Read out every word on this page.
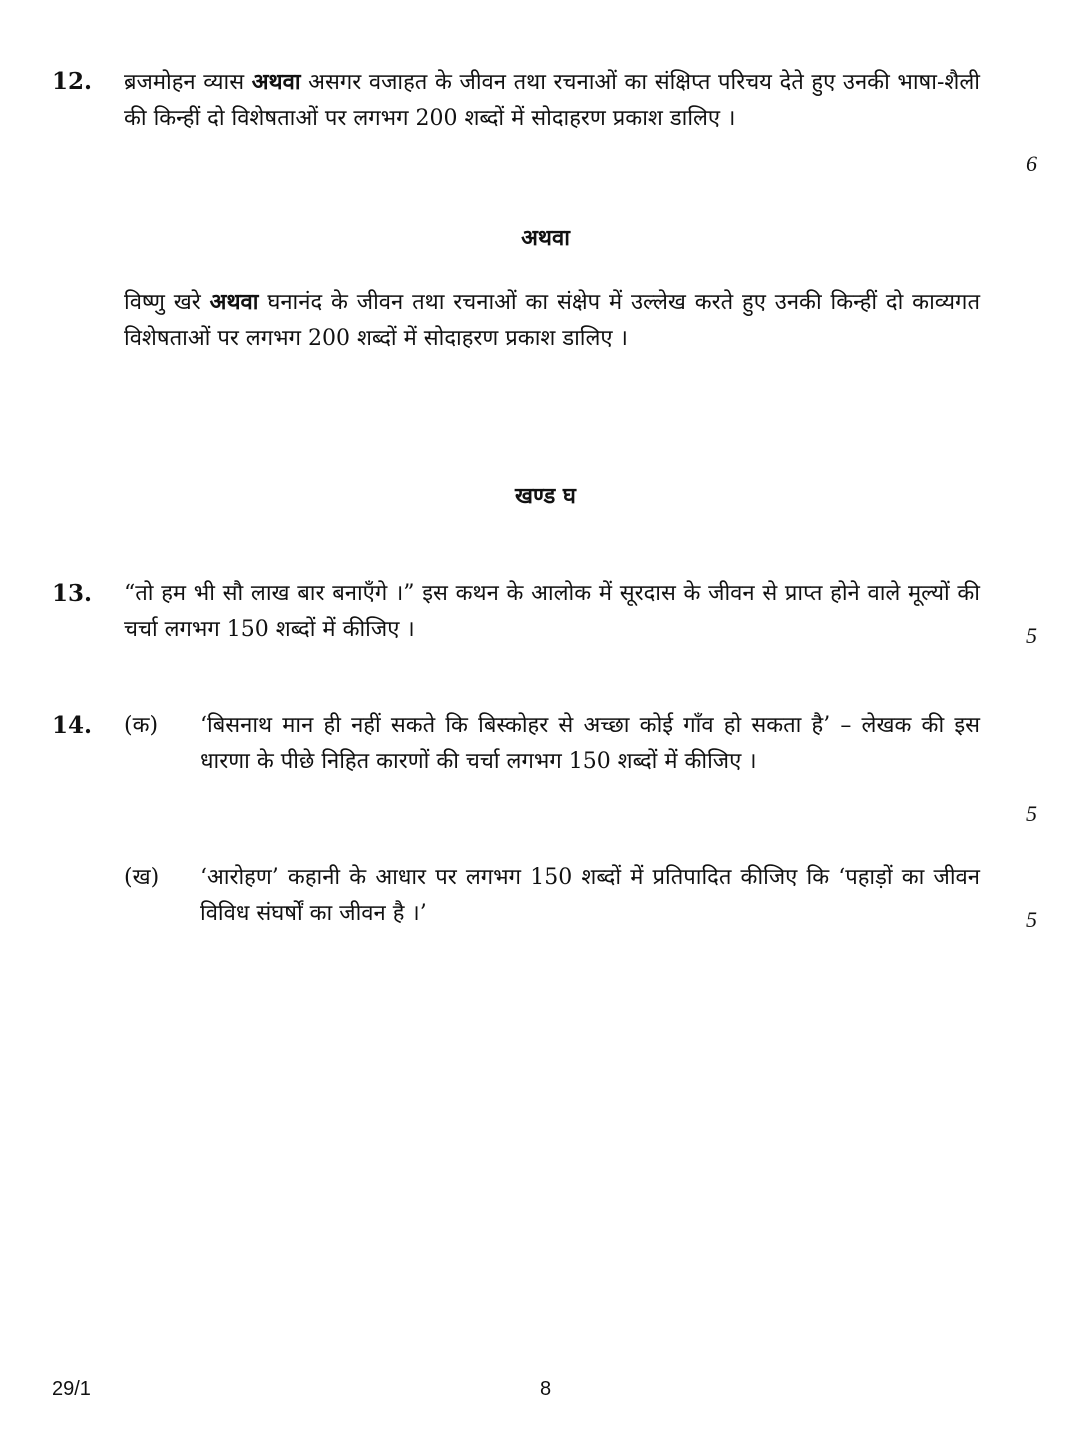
12. ब्रजमोहन व्यास अथवा असगर वजाहत के जीवन तथा रचनाओं का संक्षिप्त परिचय देते हुए उनकी भाषा-शैली की किन्हीं दो विशेषताओं पर लगभग 200 शब्दों में सोदाहरण प्रकाश डालिए ।
6
अथवा
विष्णु खरे अथवा घनानंद के जीवन तथा रचनाओं का संक्षेप में उल्लेख करते हुए उनकी किन्हीं दो काव्यगत विशेषताओं पर लगभग 200 शब्दों में सोदाहरण प्रकाश डालिए ।
खण्ड घ
13. “तो हम भी सौ लाख बार बनाएँगे ।” इस कथन के आलोक में सूरदास के जीवन से प्राप्त होने वाले मूल्यों की चर्चा लगभग 150 शब्दों में कीजिए ।	5
14. (क) ‘बिसनाथ मान ही नहीं सकते कि बिस्कोहर से अच्छा कोई गाँव हो सकता है’ – लेखक की इस धारणा के पीछे निहित कारणों की चर्चा लगभग 150 शब्दों में कीजिए ।
5
(ख) ‘आरोहण’ कहानी के आधार पर लगभग 150 शब्दों में प्रतिपादित कीजिए कि ‘पहाड़ों का जीवन विविध संघर्षों का जीवन है ।’	5
8
29/1
